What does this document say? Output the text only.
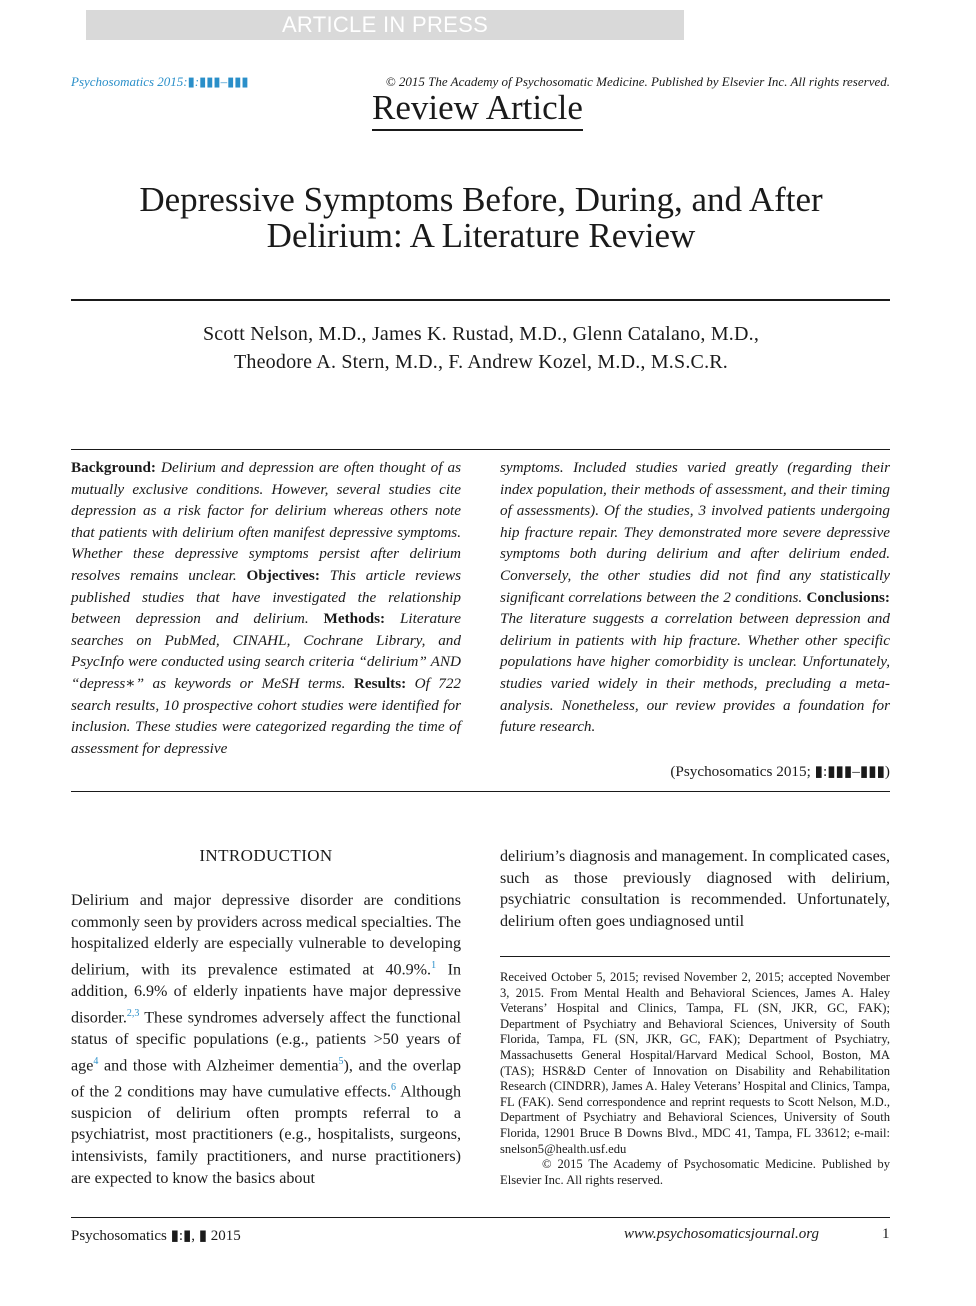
ARTICLE IN PRESS
Psychosomatics 2015:▮:▮▮▮–▮▮▮	© 2015 The Academy of Psychosomatic Medicine. Published by Elsevier Inc. All rights reserved.
Review Article
Depressive Symptoms Before, During, and After
Delirium: A Literature Review
Scott Nelson, M.D., James K. Rustad, M.D., Glenn Catalano, M.D.,
Theodore A. Stern, M.D., F. Andrew Kozel, M.D., M.S.C.R.
Background: Delirium and depression are often thought of as mutually exclusive conditions. However, several studies cite depression as a risk factor for delirium whereas others note that patients with delirium often manifest depressive symptoms. Whether these depressive symptoms persist after delirium resolves remains unclear. Objectives: This article reviews published studies that have investigated the relationship between depression and delirium. Methods: Literature searches on PubMed, CINAHL, Cochrane Library, and PsycInfo were conducted using search criteria “delirium” AND “depress∗” as keywords or MeSH terms. Results: Of 722 search results, 10 prospective cohort studies were identified for inclusion. These studies were categorized regarding the time of assessment for depressive
symptoms. Included studies varied greatly (regarding their index population, their methods of assessment, and their timing of assessments). Of the studies, 3 involved patients undergoing hip fracture repair. They demonstrated more severe depressive symptoms both during delirium and after delirium ended. Conversely, the other studies did not find any statistically significant correlations between the 2 conditions. Conclusions: The literature suggests a correlation between depression and delirium in patients with hip fracture. Whether other specific populations have higher comorbidity is unclear. Unfortunately, studies varied widely in their methods, precluding a meta-analysis. Nonetheless, our review provides a foundation for future research.
(Psychosomatics 2015; ▮:▮▮▮–▮▮▮)
INTRODUCTION
Delirium and major depressive disorder are conditions commonly seen by providers across medical specialties. The hospitalized elderly are especially vulnerable to developing delirium, with its prevalence estimated at 40.9%.$^1$ In addition, 6.9% of elderly inpatients have major depressive disorder.$^{2,3}$ These syndromes adversely affect the functional status of specific populations (e.g., patients >50 years of age$^4$ and those with Alzheimer dementia$^5$), and the overlap of the 2 conditions may have cumulative effects.$^6$ Although suspicion of delirium often prompts referral to a psychiatrist, most practitioners (e.g., hospitalists, surgeons, intensivists, family practitioners, and nurse practitioners) are expected to know the basics about
delirium’s diagnosis and management. In complicated cases, such as those previously diagnosed with delirium, psychiatric consultation is recommended. Unfortunately, delirium often goes undiagnosed until
Received October 5, 2015; revised November 2, 2015; accepted November 3, 2015. From Mental Health and Behavioral Sciences, James A. Haley Veterans’ Hospital and Clinics, Tampa, FL (SN, JKR, GC, FAK); Department of Psychiatry and Behavioral Sciences, University of South Florida, Tampa, FL (SN, JKR, GC, FAK); Department of Psychiatry, Massachusetts General Hospital/Harvard Medical School, Boston, MA (TAS); HSR&D Center of Innovation on Disability and Rehabilitation Research (CINDRR), James A. Haley Veterans’ Hospital and Clinics, Tampa, FL (FAK). Send correspondence and reprint requests to Scott Nelson, M.D., Department of Psychiatry and Behavioral Sciences, University of South Florida, 12901 Bruce B Downs Blvd., MDC 41, Tampa, FL 33612; e-mail: snelson5@health.usf.edu
© 2015 The Academy of Psychosomatic Medicine. Published by Elsevier Inc. All rights reserved.
Psychosomatics ▮:▮, ▮ 2015	www.psychosomaticsjournal.org	1
